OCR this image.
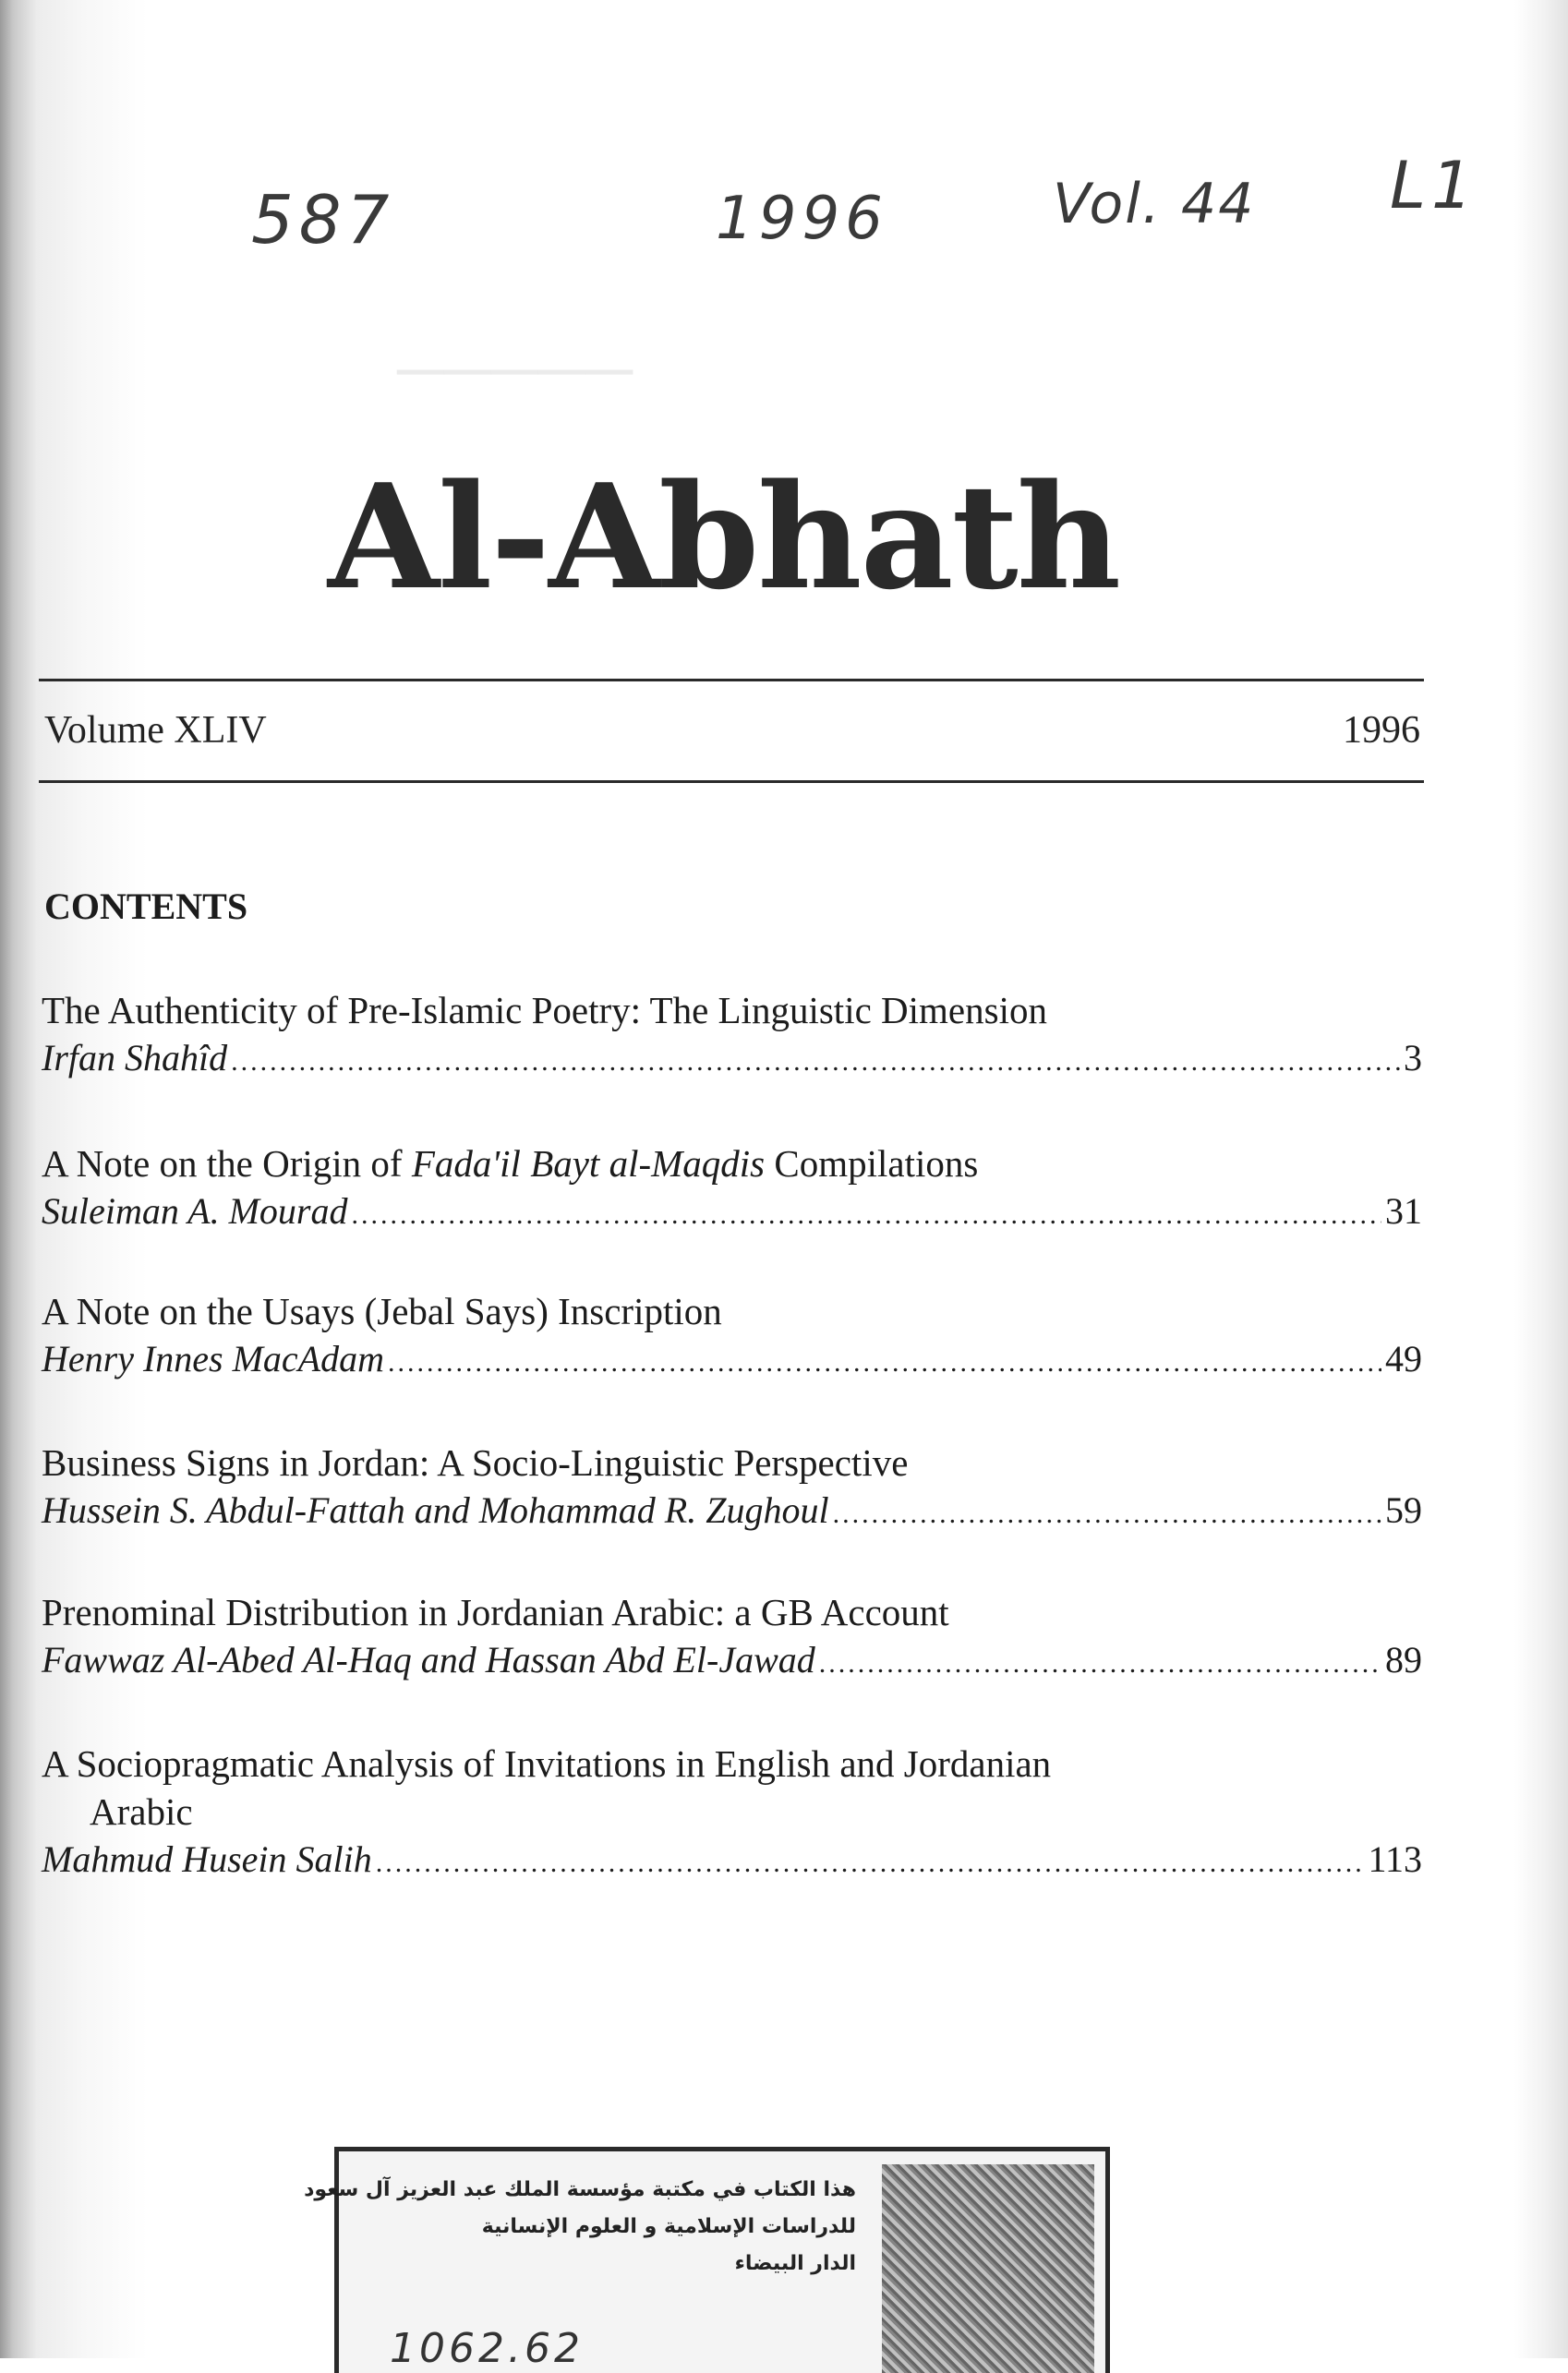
─────
587	1996	Vol. 44 L1
Al-Abhath
Volume XLIV	1996
CONTENTS
The Authenticity of Pre-Islamic Poetry: The Linguistic Dimension
Irfan Shahîd .....	3
A Note on the Origin of Fada'il Bayt al-Maqdis Compilations
Suleiman A. Mourad .....	31
A Note on the Usays (Jebal Says) Inscription
Henry Innes MacAdam .....	49
Business Signs in Jordan: A Socio-Linguistic Perspective
Hussein S. Abdul-Fattah and Mohammad R. Zughoul .....	59
Prenominal Distribution in Jordanian Arabic: a GB Account
Fawwaz Al-Abed Al-Haq and Hassan Abd El-Jawad .....	89
A Sociopragmatic Analysis of Invitations in English and Jordanian
Arabic
Mahmud Husein Salih .....	113
هذا الكتاب في مكتبة مؤسسة الملك عبد العزيز آل سعود
للدراسات الإسلامية و العلوم الإنسانية
الدار البيضاء
1062.62
